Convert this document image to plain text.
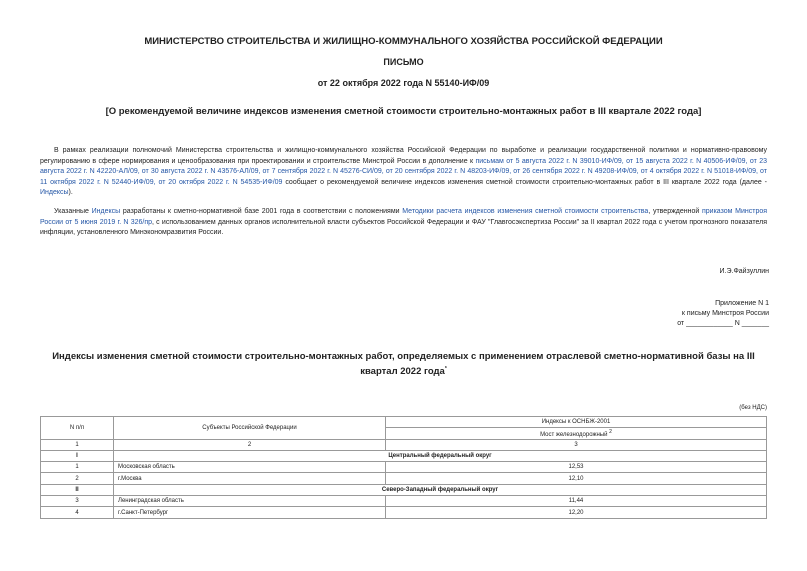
МИНИСТЕРСТВО СТРОИТЕЛЬСТВА И ЖИЛИЩНО-КОММУНАЛЬНОГО ХОЗЯЙСТВА РОССИЙСКОЙ ФЕДЕРАЦИИ
ПИСЬМО
от 22 октября 2022 года N 55140-ИФ/09
[О рекомендуемой величине индексов изменения сметной стоимости строительно-монтажных работ в III квартале 2022 года]
В рамках реализации полномочий Министерства строительства и жилищно-коммунального хозяйства Российской Федерации по выработке и реализации государственной политики и нормативно-правовому регулированию в сфере нормирования и ценообразования при проектировании и строительстве Минстрой России в дополнение к письмам от 5 августа 2022 г. N 39010-ИФ/09, от 15 августа 2022 г. N 40506-ИФ/09, от 23 августа 2022 г. N 42220-АЛ/09, от 30 августа 2022 г. N 43576-АЛ/09, от 7 сентября 2022 г. N 45276-СИ/09, от 20 сентября 2022 г. N 48203-ИФ/09, от 26 сентября 2022 г. N 49208-ИФ/09, от 4 октября 2022 г. N 51018-ИФ/09, от 11 октября 2022 г. N 52440-ИФ/09, от 20 октября 2022 г. N 54535-ИФ/09 сообщает о рекомендуемой величине индексов изменения сметной стоимости строительно-монтажных работ в III квартале 2022 года (далее - Индексы).
Указанные Индексы разработаны к сметно-нормативной базе 2001 года в соответствии с положениями Методики расчета индексов изменения сметной стоимости строительства, утвержденной приказом Минстроя России от 5 июня 2019 г. N 326/пр, с использованием данных органов исполнительной власти субъектов Российской Федерации и ФАУ "Главгосэкспертиза России" за II квартал 2022 года с учетом прогнозного показателя инфляции, установленного Минэкономразвития России.
И.Э.Файзуллин
Приложение N 1
к письму Минстроя России
от ____________ N _______
Индексы изменения сметной стоимости строительно-монтажных работ, определяемых с применением отраслевой сметно-нормативной базы на III квартал 2022 года*
(без НДС)
N п/п	Субъекты Российской Федерации	Индексы к ОСНБЖ-2001
		Мост железнодорожный $^2$
1	2	3
I	Центральный федеральный округ	
1	Московская область	12,53
2	г.Москва	12,10
II	Северо-Западный федеральный округ	
3	Ленинградская область	11,44
4	г.Санкт-Петербург	12,20
